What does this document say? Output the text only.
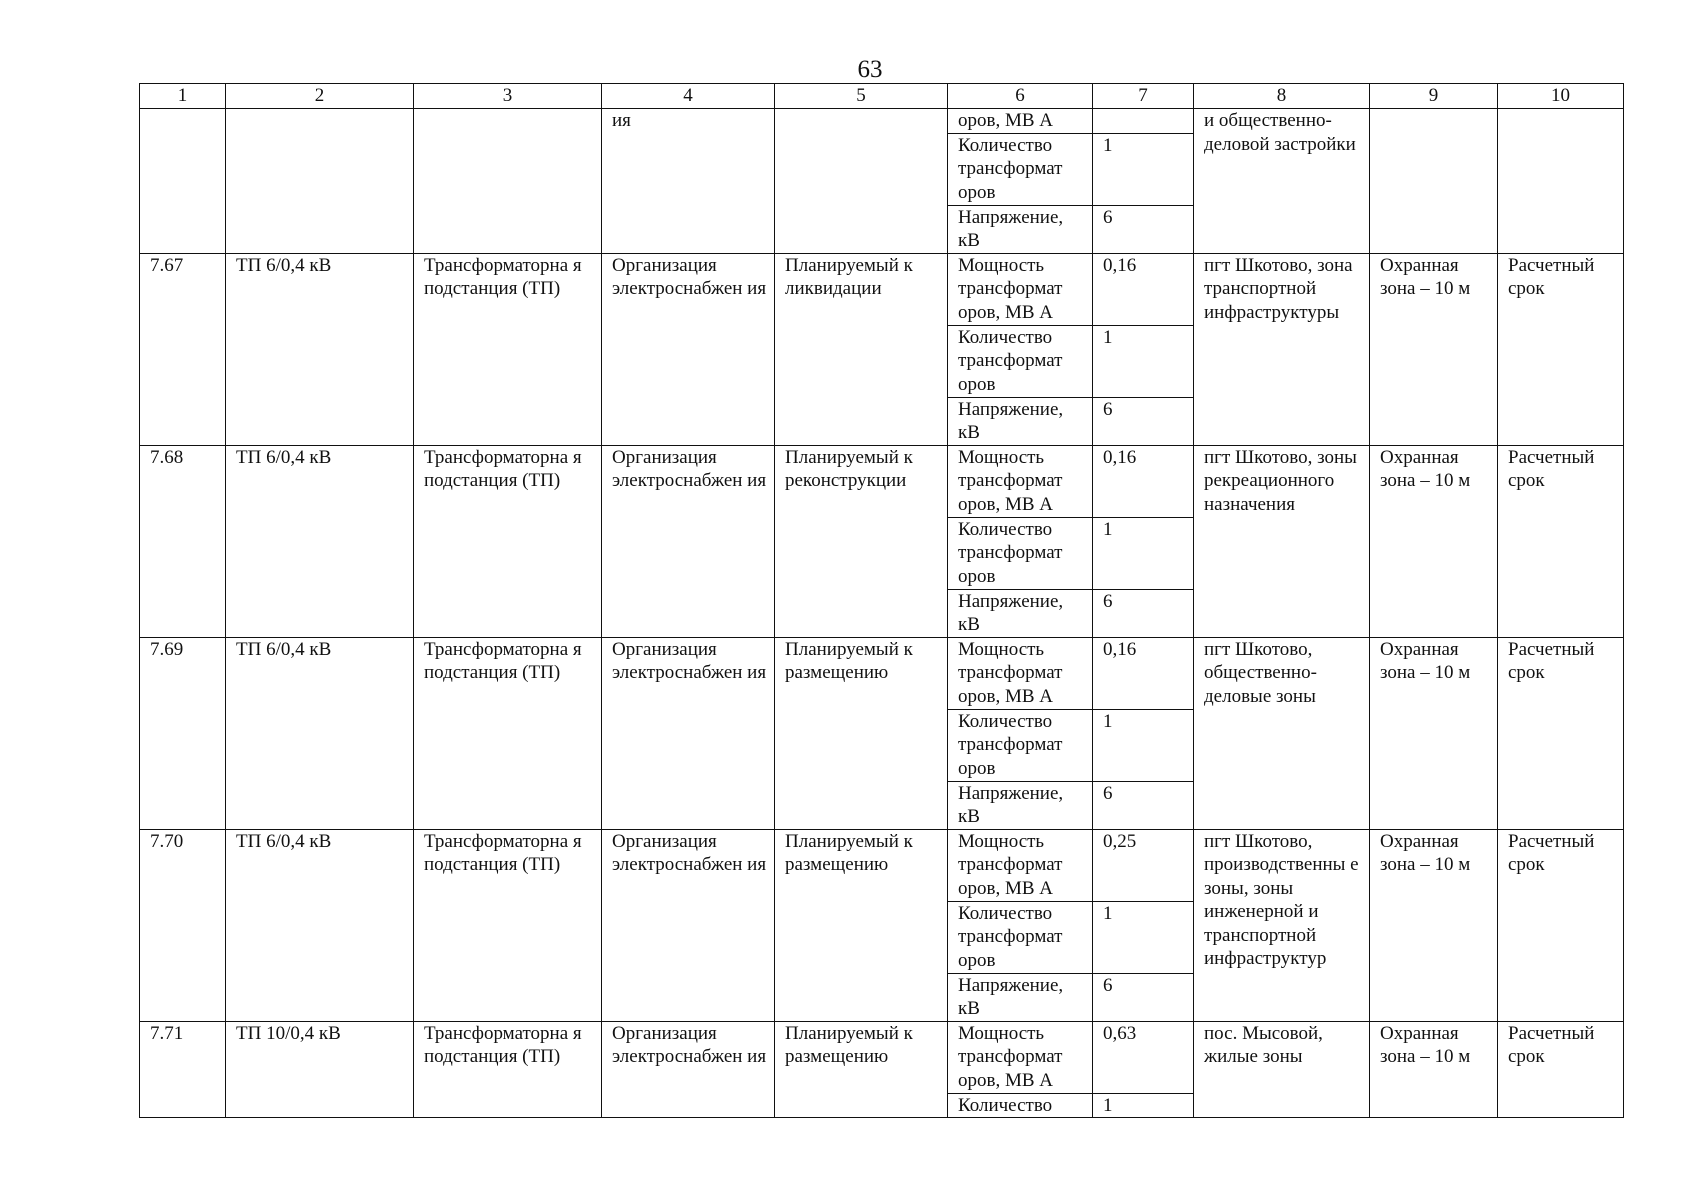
63
1	2	3	4	5	6	7	8	9	10
			ия		оров, МВ А		и общественно-деловой застройки		
					Количество трансформат оров	1			
					Напряжение, кВ	6			
7.67	ТП 6/0,4 кВ	Трансформаторна я подстанция (ТП)	Организация электроснабжен ия	Планируемый к ликвидации	Мощность трансформат оров, МВ А	0,16	пгт Шкотово, зона транспортной инфраструктуры	Охранная зона – 10 м	Расчетный срок
					Количество трансформат оров	1			
					Напряжение, кВ	6			
7.68	ТП 6/0,4 кВ	Трансформаторна я подстанция (ТП)	Организация электроснабжен ия	Планируемый к реконструкции	Мощность трансформат оров, МВ А	0,16	пгт Шкотово, зоны рекреационного назначения	Охранная зона – 10 м	Расчетный срок
					Количество трансформат оров	1			
					Напряжение, кВ	6			
7.69	ТП 6/0,4 кВ	Трансформаторна я подстанция (ТП)	Организация электроснабжен ия	Планируемый к размещению	Мощность трансформат оров, МВ А	0,16	пгт Шкотово, общественно-деловые зоны	Охранная зона – 10 м	Расчетный срок
					Количество трансформат оров	1			
					Напряжение, кВ	6			
7.70	ТП 6/0,4 кВ	Трансформаторна я подстанция (ТП)	Организация электроснабжен ия	Планируемый к размещению	Мощность трансформат оров, МВ А	0,25	пгт Шкотово, производственны е зоны, зоны инженерной и транспортной инфраструктур	Охранная зона – 10 м	Расчетный срок
					Количество трансформат оров	1			
					Напряжение, кВ	6			
7.71	ТП 10/0,4 кВ	Трансформаторна я подстанция (ТП)	Организация электроснабжен ия	Планируемый к размещению	Мощность трансформат оров, МВ А	0,63	пос. Мысовой, жилые зоны	Охранная зона – 10 м	Расчетный срок
					Количество	1			
